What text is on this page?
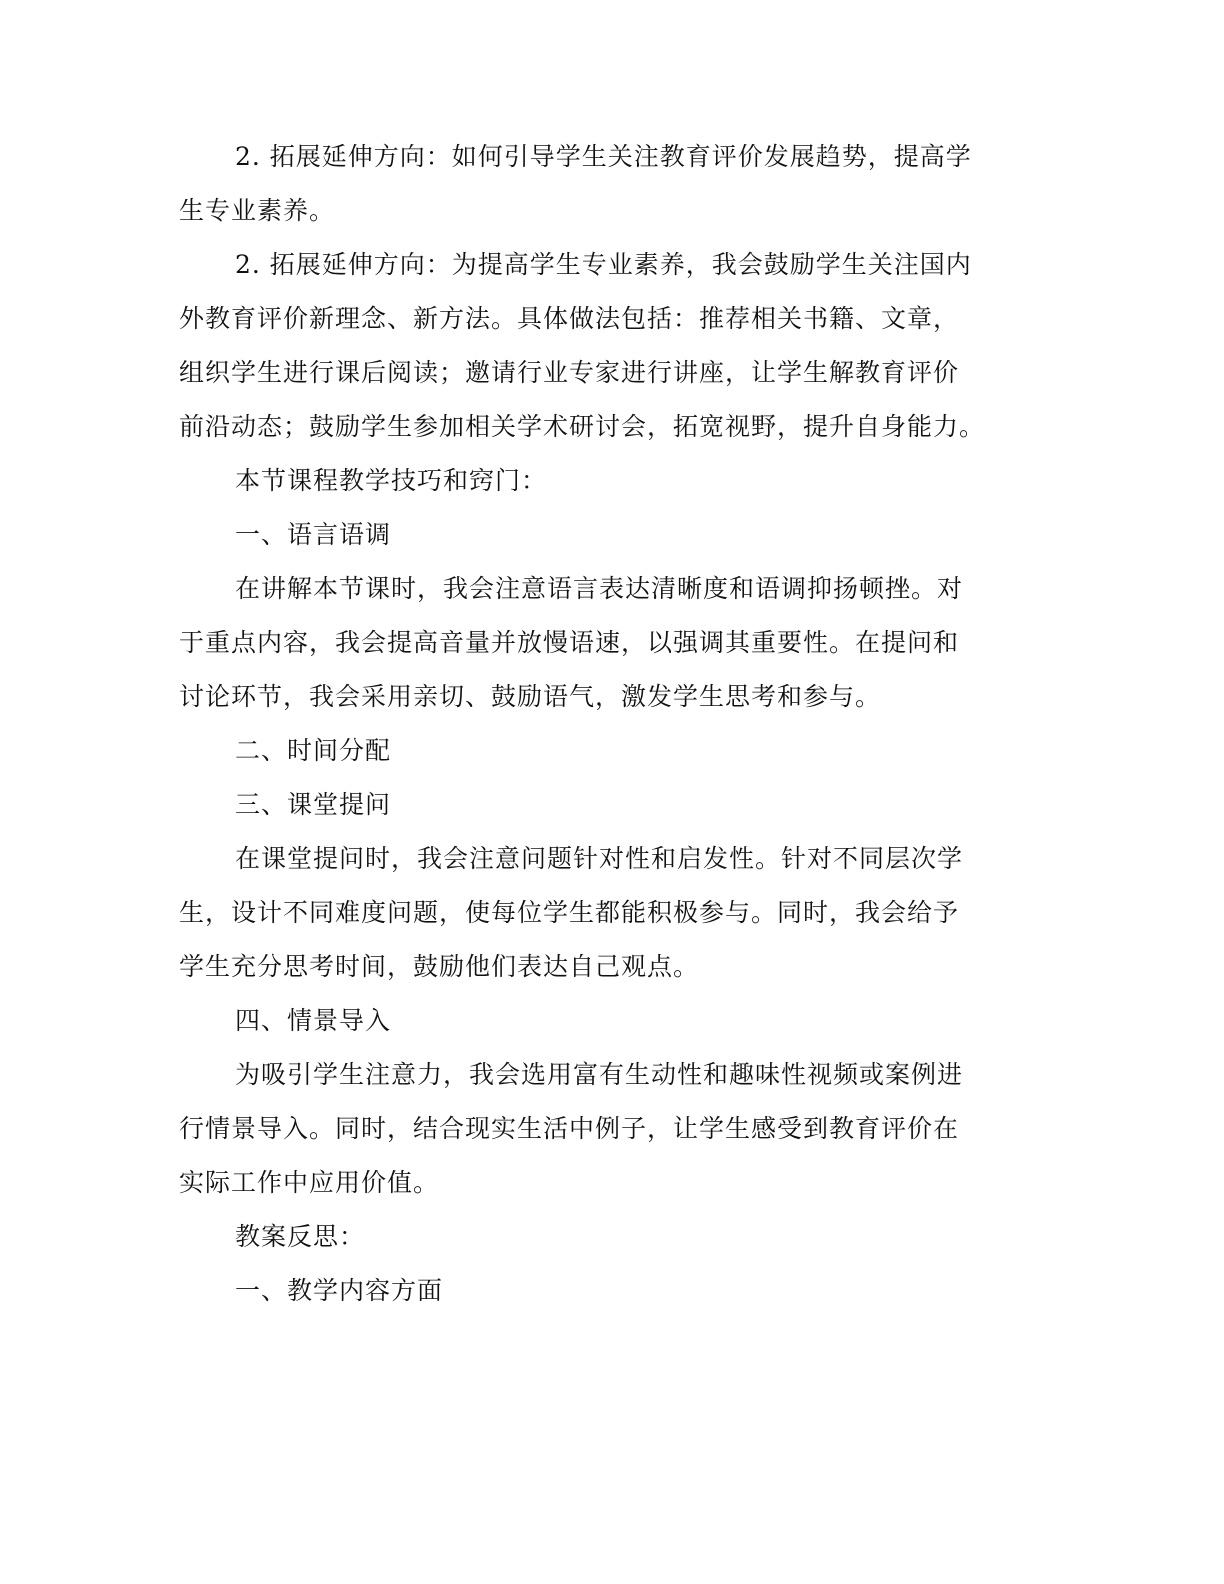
2. 拓展延伸方向：如何引导学生关注教育评价发展趋势，提高学
生专业素养。

2. 拓展延伸方向：为提高学生专业素养，我会鼓励学生关注国内
外教育评价新理念、新方法。具体做法包括：推荐相关书籍、文章，
组织学生进行课后阅读；邀请行业专家进行讲座，让学生解教育评价
前沿动态；鼓励学生参加相关学术研讨会，拓宽视野，提升自身能力。

本节课程教学技巧和窍门：

一、语言语调

在讲解本节课时，我会注意语言表达清晰度和语调抑扬顿挫。对
于重点内容，我会提高音量并放慢语速，以强调其重要性。在提问和
讨论环节，我会采用亲切、鼓励语气，激发学生思考和参与。

二、时间分配

三、课堂提问

在课堂提问时，我会注意问题针对性和启发性。针对不同层次学
生，设计不同难度问题，使每位学生都能积极参与。同时，我会给予
学生充分思考时间，鼓励他们表达自己观点。

四、情景导入

为吸引学生注意力，我会选用富有生动性和趣味性视频或案例进
行情景导入。同时，结合现实生活中例子，让学生感受到教育评价在
实际工作中应用价值。

教案反思：

一、教学内容方面
